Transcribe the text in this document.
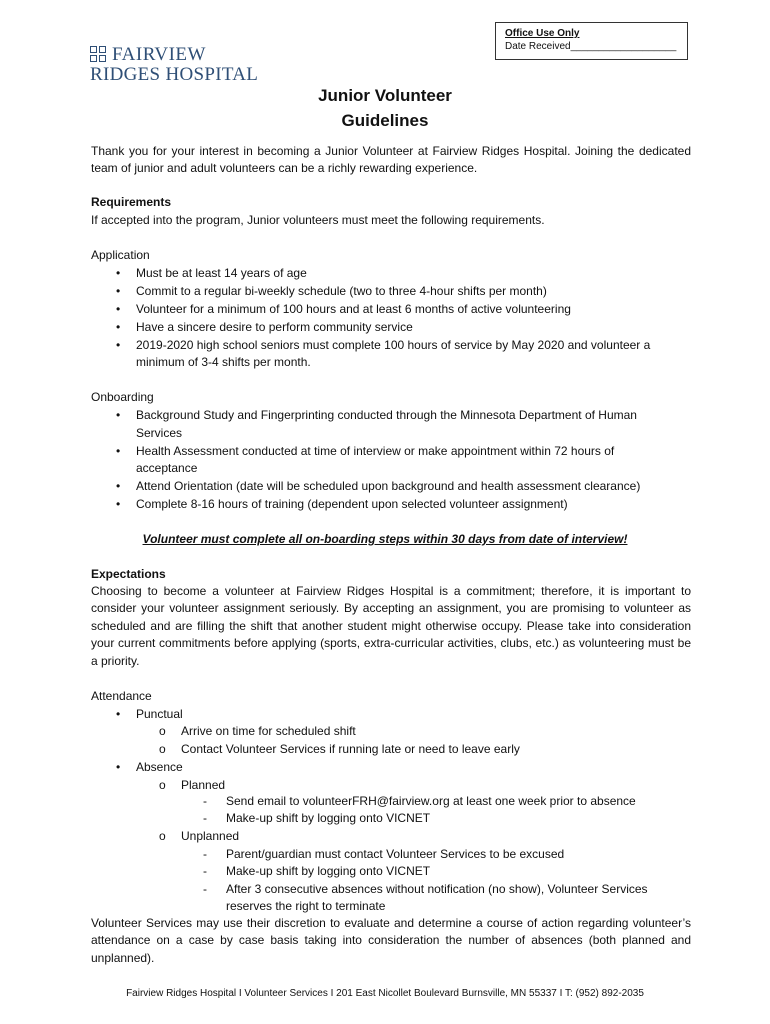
FAIRVIEW
RIDGES HOSPITAL
Office Use Only
Date Received___________________
Junior Volunteer
Guidelines
Thank you for your interest in becoming a Junior Volunteer at Fairview Ridges Hospital. Joining the dedicated team of junior and adult volunteers can be a richly rewarding experience.
Requirements
If accepted into the program, Junior volunteers must meet the following requirements.
Application
• Must be at least 14 years of age
• Commit to a regular bi-weekly schedule (two to three 4-hour shifts per month)
• Volunteer for a minimum of 100 hours and at least 6 months of active volunteering
• Have a sincere desire to perform community service
• 2019-2020 high school seniors must complete 100 hours of service by May 2020 and volunteer a
minimum of 3-4 shifts per month.
Onboarding
• Background Study and Fingerprinting conducted through the Minnesota Department of Human
Services
• Health Assessment conducted at time of interview or make appointment within 72 hours of
acceptance
• Attend Orientation (date will be scheduled upon background and health assessment clearance)
• Complete 8-16 hours of training (dependent upon selected volunteer assignment)
Volunteer must complete all on-boarding steps within 30 days from date of interview!
Expectations
Choosing to become a volunteer at Fairview Ridges Hospital is a commitment; therefore, it is important to consider your volunteer assignment seriously. By accepting an assignment, you are promising to volunteer as scheduled and are filling the shift that another student might otherwise occupy. Please take into consideration your current commitments before applying (sports, extra-curricular activities, clubs, etc.) as volunteering must be a priority.
Attendance
• Punctual
o Arrive on time for scheduled shift
o Contact Volunteer Services if running late or need to leave early
• Absence
o Planned
- Send email to volunteerFRH@fairview.org at least one week prior to absence
- Make-up shift by logging onto VICNET
o Unplanned
- Parent/guardian must contact Volunteer Services to be excused
- Make-up shift by logging onto VICNET
- After 3 consecutive absences without notification (no show), Volunteer Services
reserves the right to terminate
Volunteer Services may use their discretion to evaluate and determine a course of action regarding volunteer’s attendance on a case by case basis taking into consideration the number of absences (both planned and unplanned).
Fairview Ridges Hospital I Volunteer Services I 201 East Nicollet Boulevard Burnsville, MN 55337 I T: (952) 892-2035
